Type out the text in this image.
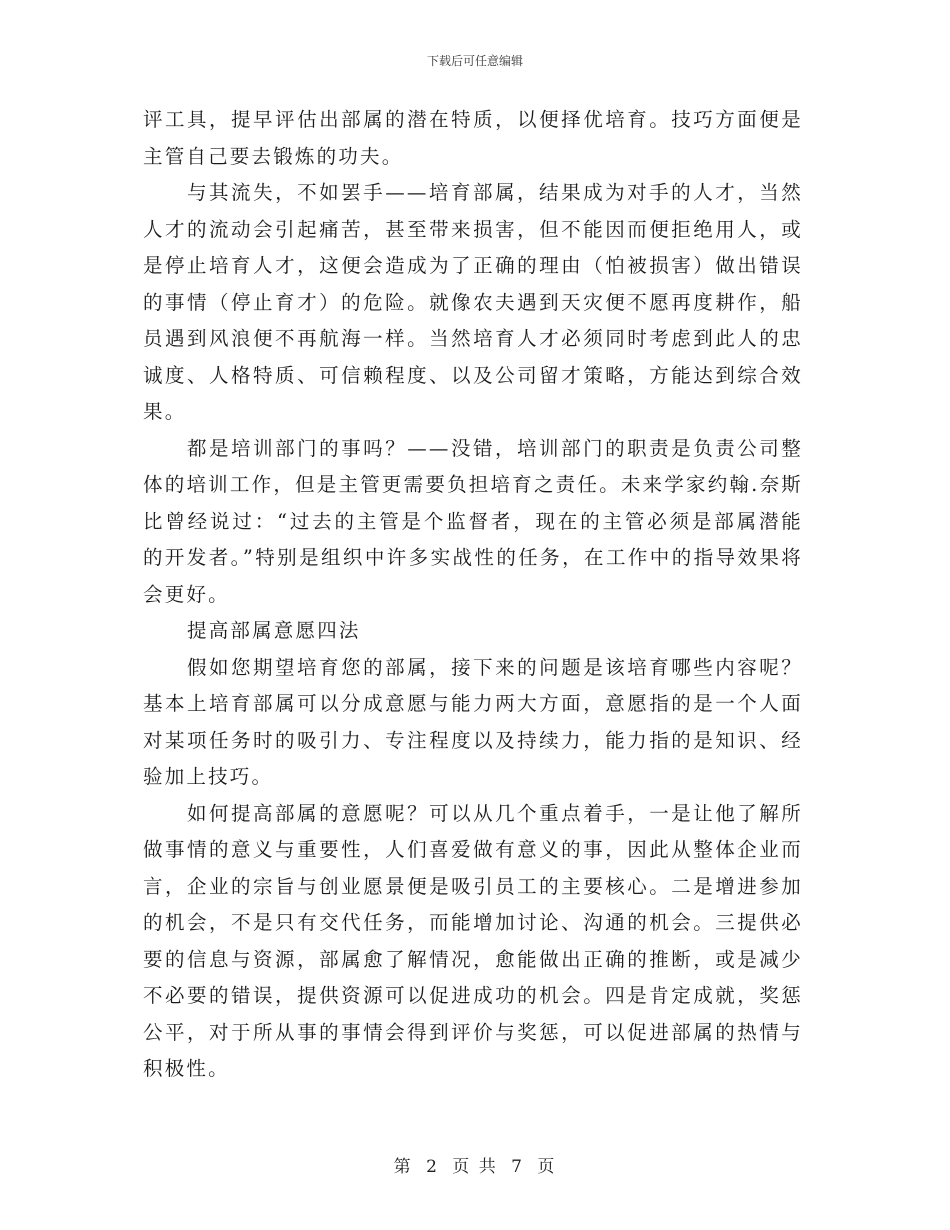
下载后可任意编辑

评工具，提早评估出部属的潜在特质，以便择优培育。技巧方面便是主管自己要去锻炼的功夫。

与其流失，不如罢手——培育部属，结果成为对手的人才，当然人才的流动会引起痛苦，甚至带来损害，但不能因而便拒绝用人，或是停止培育人才，这便会造成为了正确的理由（怕被损害）做出错误的事情（停止育才）的危险。就像农夫遇到天灾便不愿再度耕作，船员遇到风浪便不再航海一样。当然培育人才必须同时考虑到此人的忠诚度、人格特质、可信赖程度、以及公司留才策略，方能达到综合效果。

都是培训部门的事吗？——没错，培训部门的职责是负责公司整体的培训工作，但是主管更需要负担培育之责任。未来学家约翰.奈斯比曾经说过：“过去的主管是个监督者，现在的主管必须是部属潜能的开发者。”特别是组织中许多实战性的任务，在工作中的指导效果将会更好。

提高部属意愿四法

假如您期望培育您的部属，接下来的问题是该培育哪些内容呢？基本上培育部属可以分成意愿与能力两大方面，意愿指的是一个人面对某项任务时的吸引力、专注程度以及持续力，能力指的是知识、经验加上技巧。

如何提高部属的意愿呢？可以从几个重点着手，一是让他了解所做事情的意义与重要性，人们喜爱做有意义的事，因此从整体企业而言，企业的宗旨与创业愿景便是吸引员工的主要核心。二是增进参加的机会，不是只有交代任务，而能增加讨论、沟通的机会。三提供必要的信息与资源，部属愈了解情况，愈能做出正确的推断，或是减少不必要的错误，提供资源可以促进成功的机会。四是肯定成就，奖惩公平，对于所从事的事情会得到评价与奖惩，可以促进部属的热情与积极性。

第 2 页 共 7 页
